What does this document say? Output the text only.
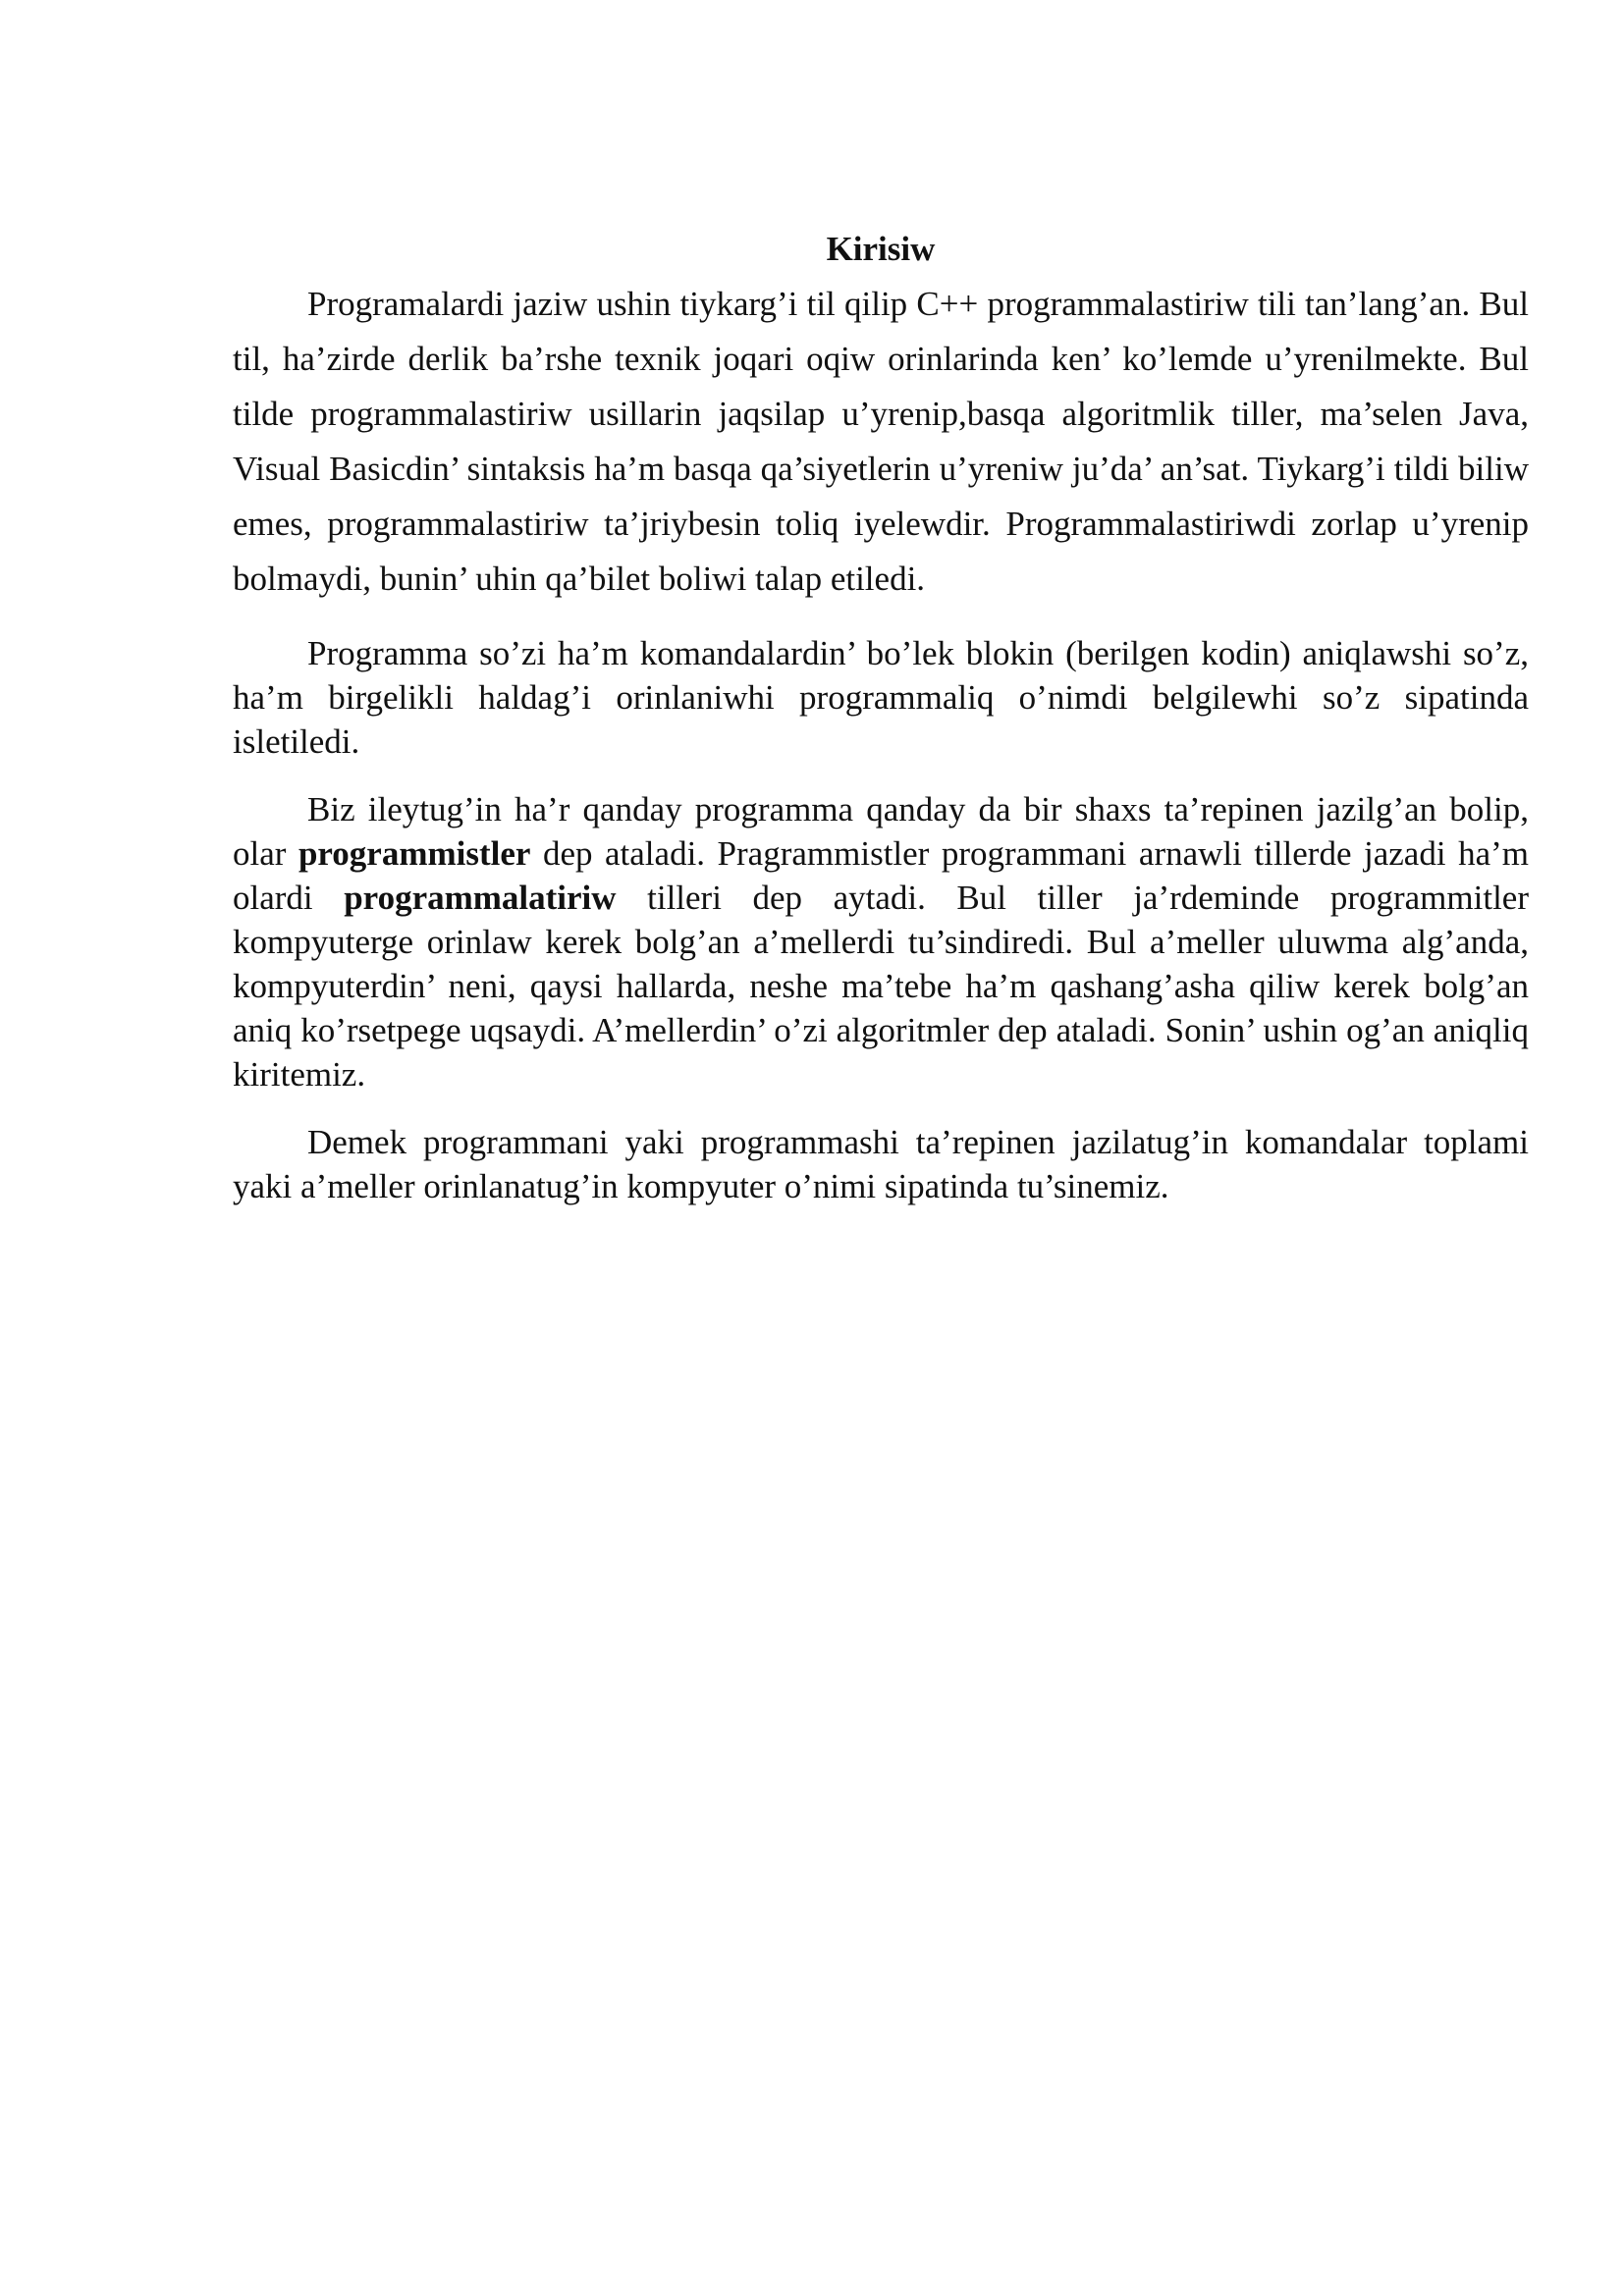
Kirisiw

Programalardi jaziw ushin tiykarg’i til qilip C++ programmalastiriw tili tan’lang’an. Bul til, ha’zirde derlik ba’rshe texnik joqari oqiw orinlarinda ken’ ko’lemde u’yrenilmekte. Bul tilde programmalastiriw usillarin jaqsilap u’yrenip,basqa algoritmlik tiller, ma’selen Java, Visual Basicdin’ sintaksis ha’m basqa qa’siyetlerin u’yreniw ju’da’ an’sat. Tiykarg’i tildi biliw emes, programmalastiriw ta’jriybesin toliq iyelewdir. Programmalastiriwdi zorlap u’yrenip bolmaydi, bunin’ uhin qa’bilet boliwi talap etiledi.

Programma so’zi ha’m komandalardin’ bo’lek blokin (berilgen kodin) aniqlawshi so’z, ha’m birgelikli haldag’i orinlaniwhi programmaliq o’nimdi belgilewhi so’z sipatinda isletiledi.

Biz ileytug’in ha’r qanday programma qanday da bir shaxs ta’repinen jazilg’an bolip, olar programmistler dep ataladi. Pragrammistler programmani arnawli tillerde jazadi ha’m olardi programmalatiriw tilleri dep aytadi. Bul tiller ja’rdeminde programmitler kompyuterge orinlaw kerek bolg’an a’mellerdi tu’sindiredi. Bul a’meller uluwma alg’anda, kompyuterdin’ neni, qaysi hallarda, neshe ma’tebe ha’m qashang’asha qiliw kerek bolg’an aniq ko’rsetpege uqsaydi. A’mellerdin’ o’zi algoritmler dep ataladi. Sonin’ ushin og’an aniqliq kiritemiz.

Demek programmani yaki programmashi ta’repinen jazilatug’in komandalar toplami yaki a’meller orinlanatug’in kompyuter o’nimi sipatinda tu’sinemiz.
